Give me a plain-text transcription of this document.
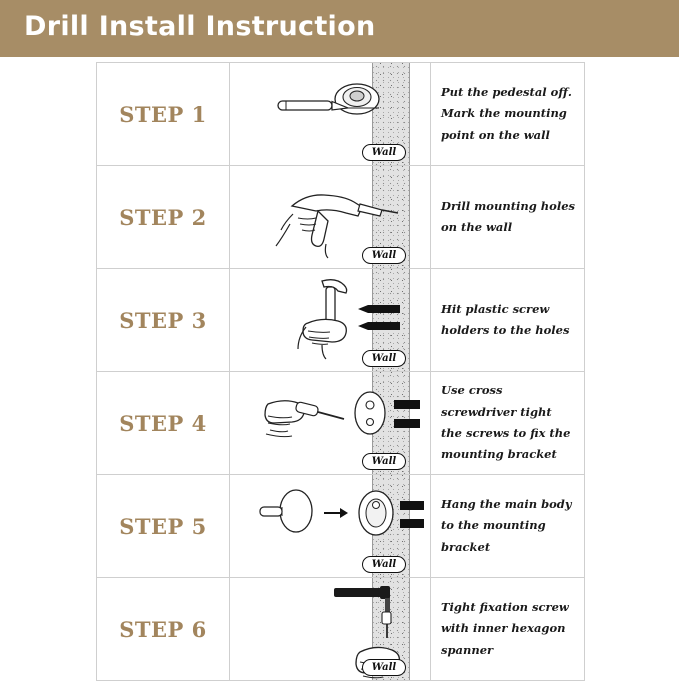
Drill Install Instruction
STEP 1
Wall
Put the pedestal off. Mark the mounting point on the wall
STEP 2
Wall
Drill mounting holes on the wall
STEP 3
Wall
Hit plastic screw holders to the holes
STEP 4
Wall
Use cross screwdriver tight the screws to fix the mounting bracket
STEP 5
Wall
Hang the main body to the mounting bracket
STEP 6
Wall
Tight fixation screw with inner hexagon spanner
